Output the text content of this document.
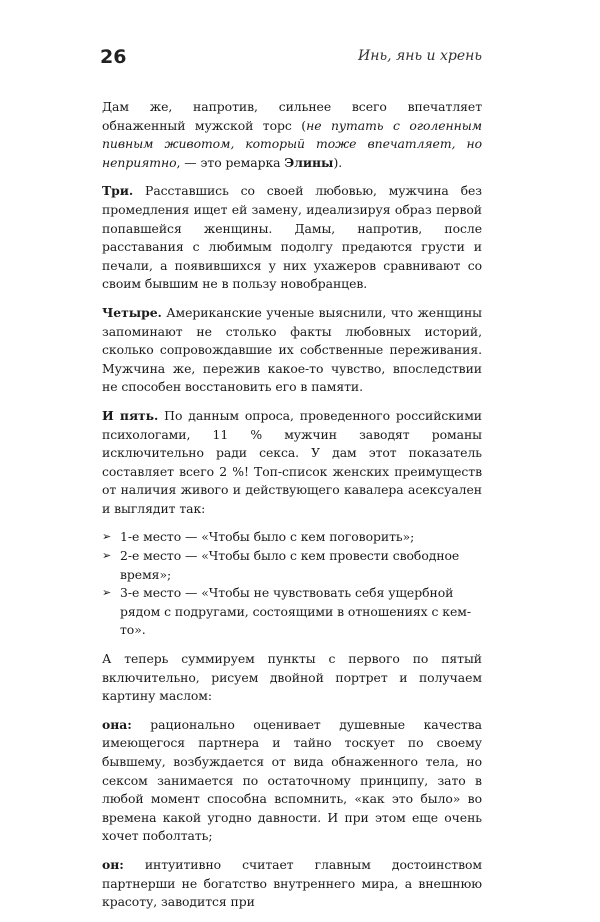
26	Инь, янь и хрень

Дам же, напротив, сильнее всего впечатляет обнаженный мужской торс (не путать с оголенным пивным животом, который тоже впечатляет, но неприятно, — это ремарка Элины).

Три. Расставшись со своей любовью, мужчина без промедления ищет ей замену, идеализируя образ первой попавшейся женщины. Дамы, напротив, после расставания с любимым подолгу предаются грусти и печали, а появившихся у них ухажеров сравнивают со своим бывшим не в пользу новобранцев.

Четыре. Американские ученые выяснили, что женщины запоминают не столько факты любовных историй, сколько сопровождавшие их собственные переживания. Мужчина же, пережив какое-то чувство, впоследствии не способен восстановить его в памяти.

И пять. По данным опроса, проведенного российскими психологами, 11 % мужчин заводят романы исключительно ради секса. У дам этот показатель составляет всего 2 %! Топ-список женских преимуществ от наличия живого и действующего кавалера асексуален и выглядит так:

➢ 1-е место — «Чтобы было с кем поговорить»;
➢ 2-е место — «Чтобы было с кем провести свободное время»;
➢ 3-е место — «Чтобы не чувствовать себя ущербной рядом с подругами, состоящими в отношениях с кем-то».

А теперь суммируем пункты с первого по пятый включительно, рисуем двойной портрет и получаем картину маслом:

она: рационально оценивает душевные качества имеющегося партнера и тайно тоскует по своему бывшему, возбуждается от вида обнаженного тела, но сексом занимается по остаточному принципу, зато в любой момент способна вспомнить, «как это было» во времена какой угодно давности. И при этом еще очень хочет поболтать;

он: интуитивно считает главным достоинством партнерши не богатство внутреннего мира, а внешнюю красоту, заводится при
